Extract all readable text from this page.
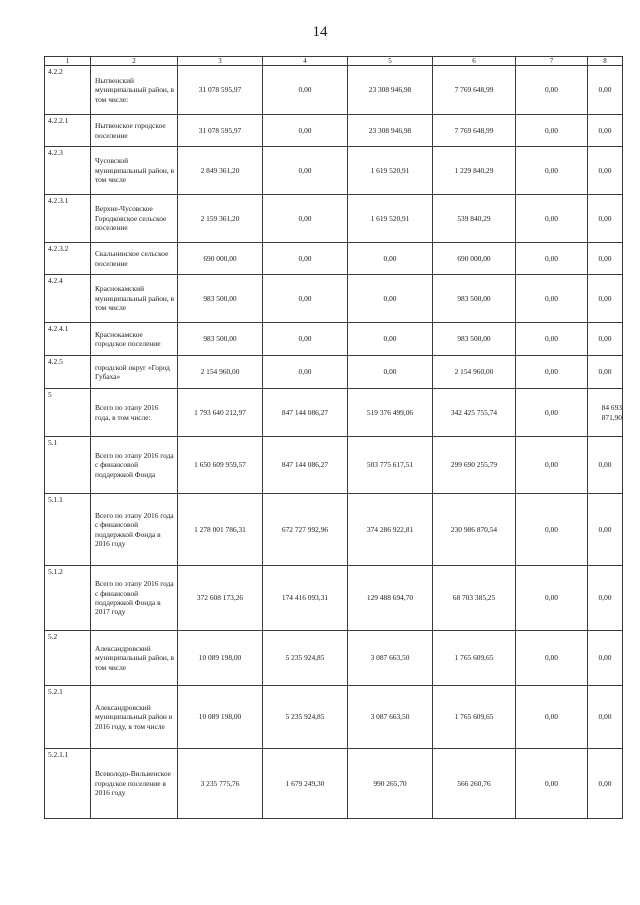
14
1	2	3	4	5	6	7	8
4.2.2	Нытвенский муниципальный район, в том числе:	31 078 595,97	0,00	23 308 946,98	7 769 648,99	0,00	0,00
4.2.2.1	Нытвенское городское поселение	31 078 595,97	0,00	23 308 946,98	7 769 648,99	0,00	0,00
4.2.3	Чусовской муниципальный район, в том числе	2 849 361,20	0,00	1 619 520,91	1 229 840,29	0,00	0,00
4.2.3.1	Верхне-Чусовское Городковское сельское поселение	2 159 361,20	0,00	1 619 520,91	539 840,29	0,00	0,00
4.2.3.2	Скальнинское сельское поселение	690 000,00	0,00	0,00	690 000,00	0,00	0,00
4.2.4	Краснокамский муниципальный район, в том числе	983 500,00	0,00	0,00	983 500,00	0,00	0,00
4.2.4.1	Краснокамское городское поселение	983 500,00	0,00	0,00	983 500,00	0,00	0,00
4.2.5	городской округ «Город Губаха»	2 154 960,00	0,00	0,00	2 154 960,00	0,00	0,00
5	Всего по этапу 2016 года, в том числе:	1 793 640 212,97	847 144 086,27	519 376 499,06	342 425 755,74	0,00	84 693 871,90
5.1	Всего по этапу 2016 года с финансовой поддержкой Фонда	1 650 609 959,57	847 144 086,27	503 775 617,51	299 690 255,79	0,00	0,00
5.1.1	Всего по этапу 2016 года с финансовой поддержкой Фонда в 2016 году	1 278 001 786,31	672 727 992,96	374 286 922,81	230 986 870,54	0,00	0,00
5.1.2	Всего по этапу 2016 года с финансовой поддержкой Фонда в 2017 году	372 608 173,26	174 416 093,31	129 488 694,70	68 703 385,25	0,00	0,00
5.2	Александровский муниципальный район, в том числе	10 089 198,00	5 235 924,85	3 087 663,50	1 765 609,65	0,00	0,00
5.2.1	Александровский муниципальный район в 2016 году, в том числе	10 089 198,00	5 235 924,85	3 087 663,50	1 765 609,65	0,00	0,00
5.2.1.1	Всеволодо-Вильвенское городское поселение в 2016 году	3 235 775,76	1 679 249,30	990 265,70	566 260,76	0,00	0,00
